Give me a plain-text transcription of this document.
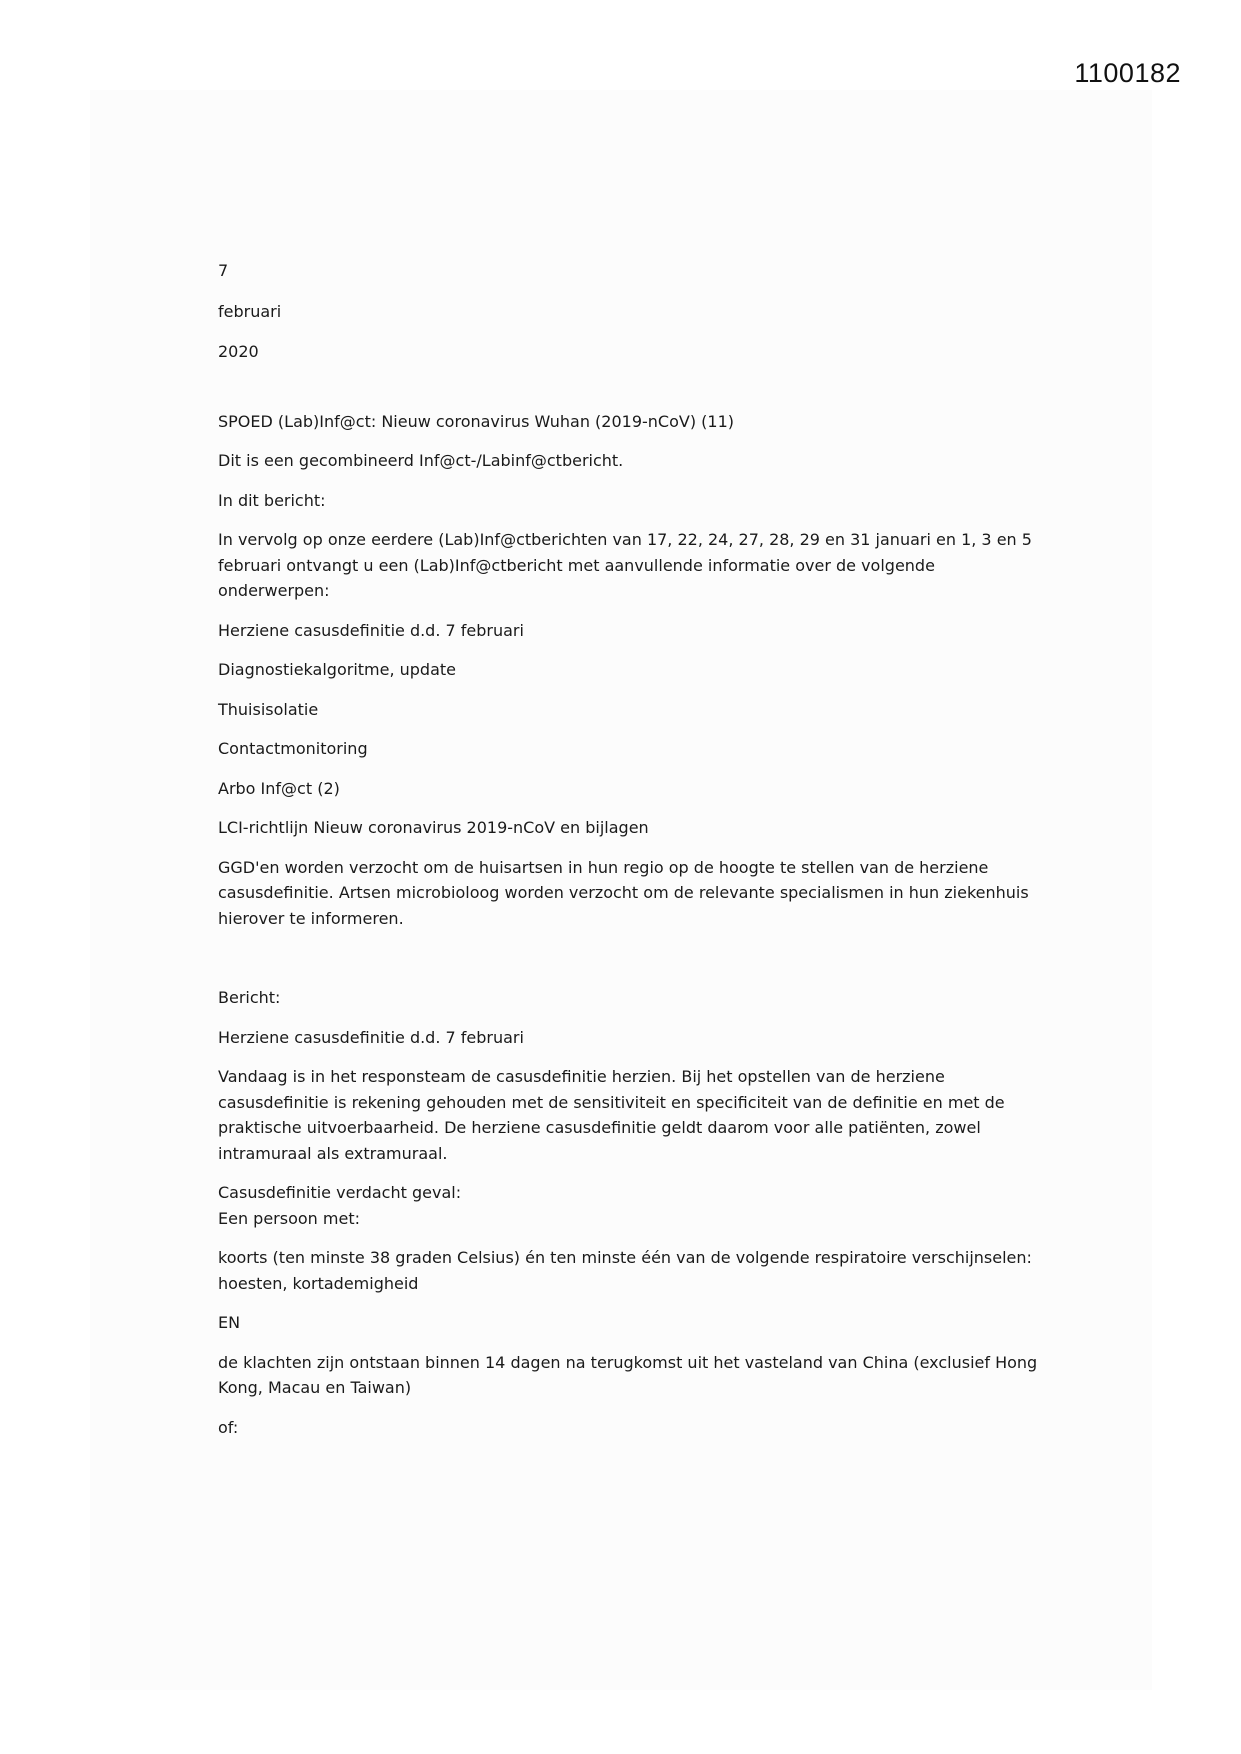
1100182

7

februari

2020

SPOED (Lab)Inf@ct: Nieuw coronavirus Wuhan (2019-nCoV) (11)

Dit is een gecombineerd Inf@ct-/Labinf@ctbericht.

In dit bericht:

In vervolg op onze eerdere (Lab)Inf@ctberichten van 17, 22, 24, 27, 28, 29 en 31 januari en 1, 3 en 5 februari ontvangt u een (Lab)Inf@ctbericht met aanvullende informatie over de volgende onderwerpen:

Herziene casusdefinitie d.d. 7 februari

Diagnostiekalgoritme, update

Thuisisolatie

Contactmonitoring

Arbo Inf@ct (2)

LCI-richtlijn Nieuw coronavirus 2019-nCoV en bijlagen

GGD'en worden verzocht om de huisartsen in hun regio op de hoogte te stellen van de herziene casusdefinitie. Artsen microbioloog worden verzocht om de relevante specialismen in hun ziekenhuis hierover te informeren.

Bericht:

Herziene casusdefinitie d.d. 7 februari

Vandaag is in het responsteam de casusdefinitie herzien. Bij het opstellen van de herziene casusdefinitie is rekening gehouden met de sensitiviteit en specificiteit van de definitie en met de praktische uitvoerbaarheid. De herziene casusdefinitie geldt daarom voor alle patiënten, zowel intramuraal als extramuraal.

Casusdefinitie verdacht geval:

Een persoon met:

koorts (ten minste 38 graden Celsius) én ten minste één van de volgende respiratoire verschijnselen: hoesten, kortademigheid

EN

de klachten zijn ontstaan binnen 14 dagen na terugkomst uit het vasteland van China (exclusief Hong Kong, Macau en Taiwan)

of:
